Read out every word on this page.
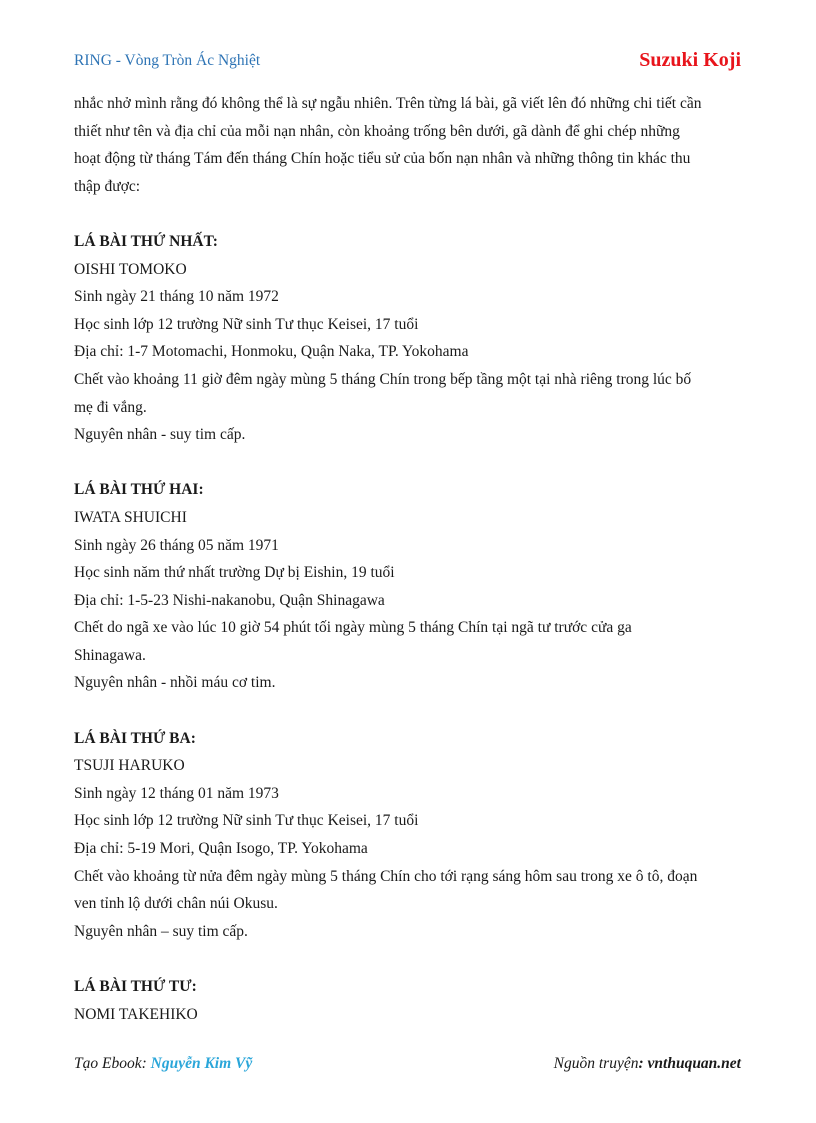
RING - Vòng Tròn Ác Nghiệt	Suzuki Koji

nhắc nhở mình rằng đó không thể là sự ngẫu nhiên. Trên từng lá bài, gã viết lên đó những chi tiết cần

thiết như tên và địa chỉ của mỗi nạn nhân, còn khoảng trống bên dưới, gã dành để ghi chép những

hoạt động từ tháng Tám đến tháng Chín hoặc tiểu sử của bốn nạn nhân và những thông tin khác thu

thập được:

LÁ BÀI THỨ NHẤT:

OISHI TOMOKO

Sinh ngày 21 tháng 10 năm 1972

Học sinh lớp 12 trường Nữ sinh Tư thục Keisei, 17 tuổi

Địa chỉ: 1-7 Motomachi, Honmoku, Quận Naka, TP. Yokohama

Chết vào khoảng 11 giờ đêm ngày mùng 5 tháng Chín trong bếp tầng một tại nhà riêng trong lúc bố

mẹ đi vắng.

Nguyên nhân - suy tim cấp.

LÁ BÀI THỨ HAI:

IWATA SHUICHI

Sinh ngày 26 tháng 05 năm 1971

Học sinh năm thứ nhất trường Dự bị Eishin, 19 tuổi

Địa chỉ: 1-5-23 Nishi-nakanobu, Quận Shinagawa

Chết do ngã xe vào lúc 10 giờ 54 phút tối ngày mùng 5 tháng Chín tại ngã tư trước cửa ga

Shinagawa.

Nguyên nhân - nhồi máu cơ tim.

LÁ BÀI THỨ BA:

TSUJI HARUKO

Sinh ngày 12 tháng 01 năm 1973

Học sinh lớp 12 trường Nữ sinh Tư thục Keisei, 17 tuổi

Địa chỉ: 5-19 Mori, Quận Isogo, TP. Yokohama

Chết vào khoảng từ nửa đêm ngày mùng 5 tháng Chín cho tới rạng sáng hôm sau trong xe ô tô, đoạn

ven tỉnh lộ dưới chân núi Okusu.

Nguyên nhân – suy tim cấp.

LÁ BÀI THỨ TƯ:

NOMI TAKEHIKO

Tạo Ebook: Nguyễn Kim Vỹ	Nguồn truyện: vnthuquan.net
